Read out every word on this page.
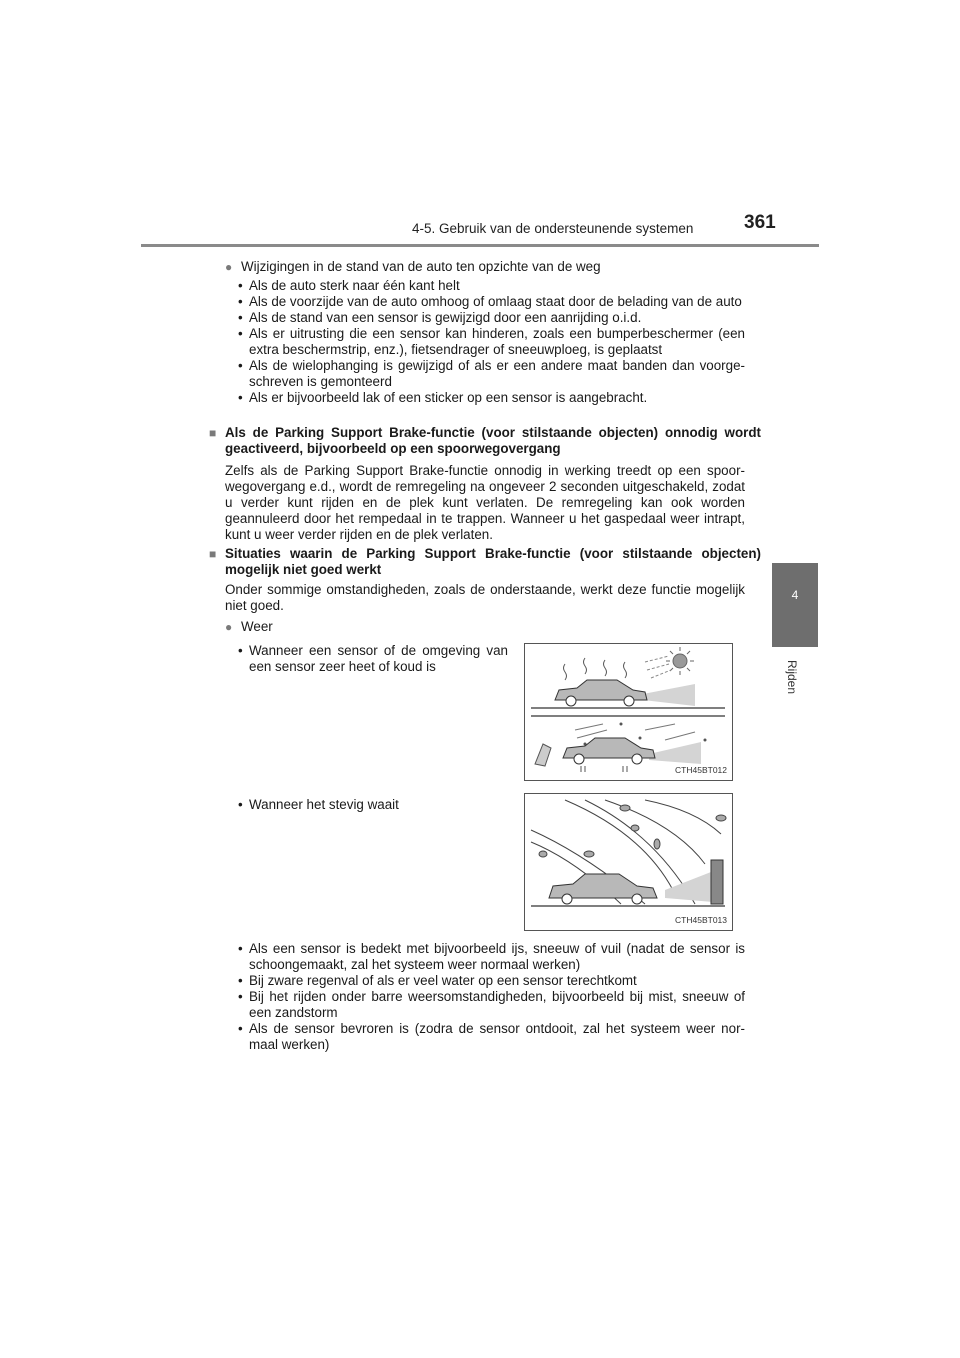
4-5. Gebruik van de ondersteunende systemen	361
4
Rijden
● Wijzigingen in de stand van de auto ten opzichte van de weg
• Als de auto sterk naar één kant helt
• Als de voorzijde van de auto omhoog of omlaag staat door de belading van de auto
• Als de stand van een sensor is gewijzigd door een aanrijding o.i.d.
• Als er uitrusting die een sensor kan hinderen, zoals een bumperbeschermer (een extra beschermstrip, enz.), fietsendrager of sneeuwploeg, is geplaatst
• Als de wielophanging is gewijzigd of als er een andere maat banden dan voorge- schreven is gemonteerd
• Als er bijvoorbeeld lak of een sticker op een sensor is aangebracht.
■ Als de Parking Support Brake-functie (voor stilstaande objecten) onnodig wordt geactiveerd, bijvoorbeeld op een spoorwegovergang
Zelfs als de Parking Support Brake-functie onnodig in werking treedt op een spoor- wegovergang e.d., wordt de remregeling na ongeveer 2 seconden uitgeschakeld, zodat u verder kunt rijden en de plek kunt verlaten. De remregeling kan ook worden geannuleerd door het rempedaal in te trappen. Wanneer u het gaspedaal weer intrapt, kunt u weer verder rijden en de plek verlaten.
■ Situaties waarin de Parking Support Brake-functie (voor stilstaande objecten) mogelijk niet goed werkt
Onder sommige omstandigheden, zoals de onderstaande, werkt deze functie mogelijk niet goed.
● Weer
• Wanneer een sensor of de omgeving van een sensor zeer heet of koud is
• Wanneer het stevig waait
CTH45BT012
CTH45BT013
• Als een sensor is bedekt met bijvoorbeeld ijs, sneeuw of vuil (nadat de sensor is schoongemaakt, zal het systeem weer normaal werken)
• Bij zware regenval of als er veel water op een sensor terechtkomt
• Bij het rijden onder barre weersomstandigheden, bijvoorbeeld bij mist, sneeuw of een zandstorm
• Als de sensor bevroren is (zodra de sensor ontdooit, zal het systeem weer nor- maal werken)
